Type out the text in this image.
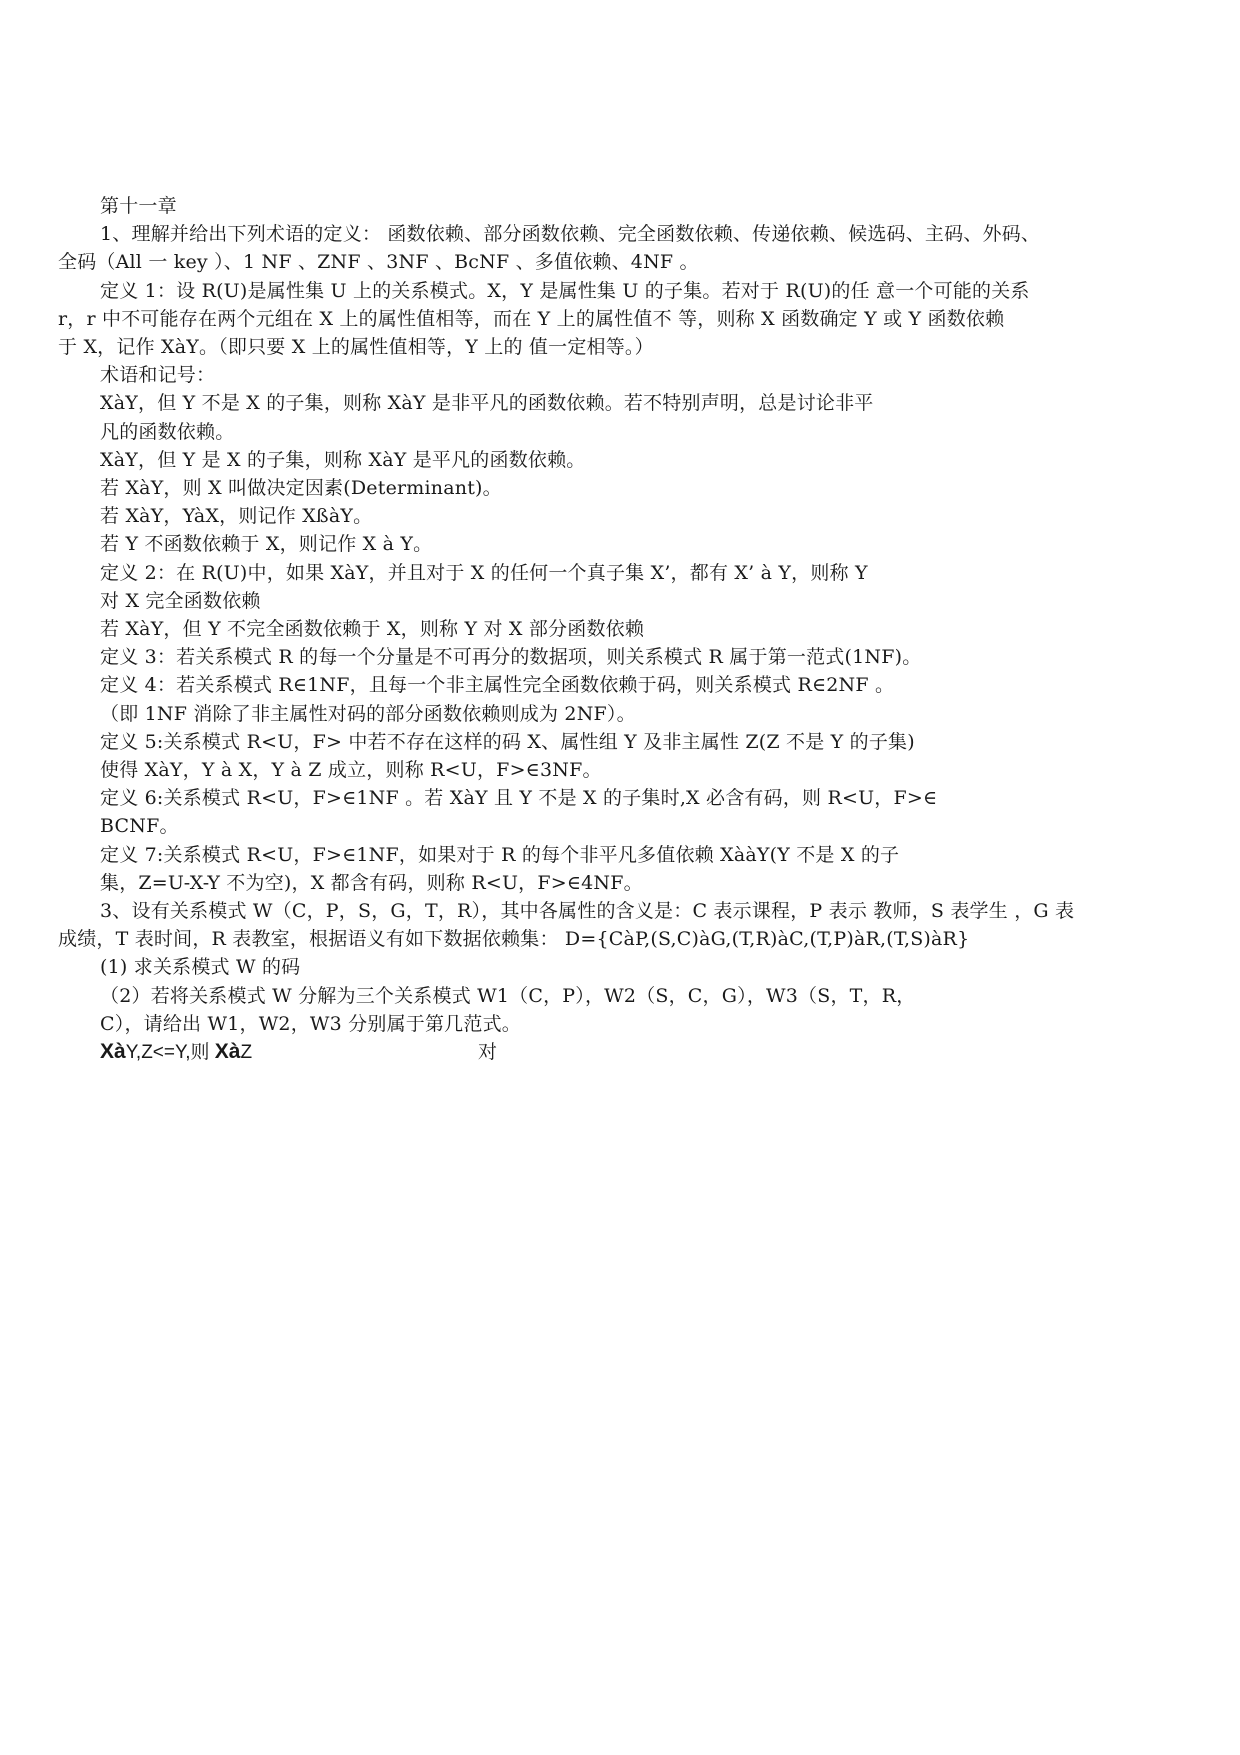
第十一章
1、理解并给出下列术语的定义： 函数依赖、部分函数依赖、完全函数依赖、传递依赖、候选码、主码、外码、
全码（All 一 key ）、1 NF 、ZNF 、3NF 、BcNF 、多值依赖、4NF 。
定义 1：设 R(U)是属性集 U 上的关系模式。X，Y 是属性集 U 的子集。若对于 R(U)的任 意一个可能的关系
r，r 中不可能存在两个元组在 X 上的属性值相等，而在 Y 上的属性值不 等，则称 X 函数确定 Y 或 Y 函数依赖
于 X，记作 XàY。（即只要 X 上的属性值相等，Y 上的 值一定相等。）
术语和记号：
XàY，但 Y 不是 X 的子集，则称 XàY 是非平凡的函数依赖。若不特别声明，总是讨论非平
凡的函数依赖。
XàY，但 Y 是 X 的子集，则称 XàY 是平凡的函数依赖。
若 XàY，则 X 叫做决定因素(Determinant)。
若 XàY，YàX，则记作 XßàY。
若 Y 不函数依赖于 X，则记作 X à Y。
定义 2：在 R(U)中，如果 XàY，并且对于 X 的任何一个真子集 X’，都有 X’ à Y，则称 Y
对 X 完全函数依赖
若 XàY，但 Y 不完全函数依赖于 X，则称 Y 对 X 部分函数依赖
定义 3：若关系模式 R 的每一个分量是不可再分的数据项，则关系模式 R 属于第一范式(1NF)。
定义 4：若关系模式 R∈1NF，且每一个非主属性完全函数依赖于码，则关系模式 R∈2NF 。
（即 1NF 消除了非主属性对码的部分函数依赖则成为 2NF）。
定义 5:关系模式 R<U，F> 中若不存在这样的码 X、属性组 Y 及非主属性 Z(Z 不是 Y 的子集)
使得 XàY，Y à X，Y à Z 成立，则称 R<U，F>∈3NF。
定义 6:关系模式 R<U，F>∈1NF 。若 XàY 且 Y 不是 X 的子集时,X 必含有码，则 R<U，F>∈
BCNF。
定义 7:关系模式 R<U，F>∈1NF，如果对于 R 的每个非平凡多值依赖 XààY(Y 不是 X 的子
集，Z=U-X-Y 不为空)，X 都含有码，则称 R<U，F>∈4NF。
3、设有关系模式 W（C，P，S，G，T，R），其中各属性的含义是：C 表示课程，P 表示 教师，S 表学生 ，G 表
成绩，T 表时间，R 表教室，根据语义有如下数据依赖集： D={CàP,(S,C)àG,(T,R)àC,(T,P)àR,(T,S)àR}
(1) 求关系模式 W 的码
（2）若将关系模式 W 分解为三个关系模式 W1（C，P），W2（S，C，G），W3（S，T，R，
C），请给出 W1，W2，W3 分别属于第几范式。
XàY,Z<=Y,则 XàZ	对
